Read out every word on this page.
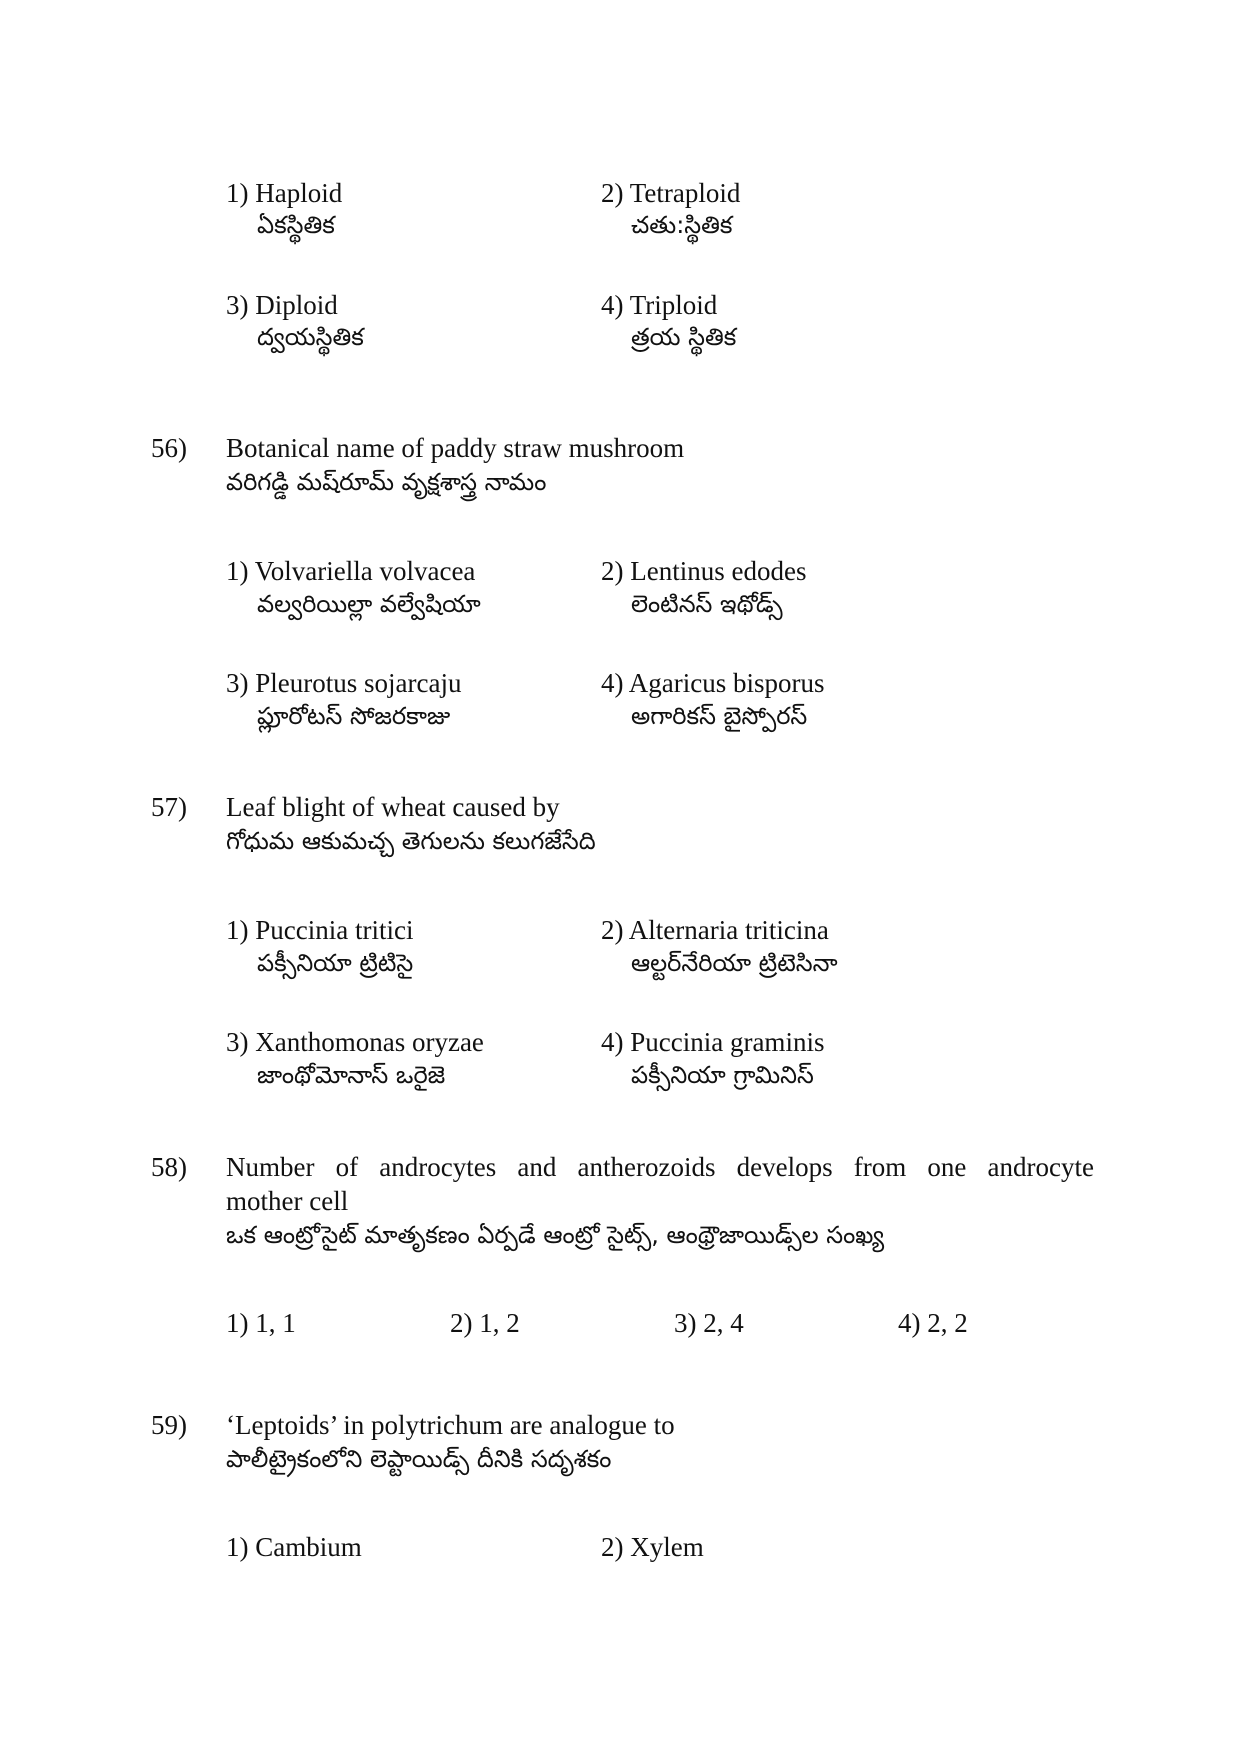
1) Haploid
ఏకస్థితిక
2) Tetraploid
చతు:స్థితిక
3) Diploid
ద్వయస్థితిక
4) Triploid
త్రయ స్థితిక
56) Botanical name of paddy straw mushroom
వరిగడ్డి మష్‌రూమ్ వృక్షశాస్త్ర నామం
1) Volvariella volvacea
వల్వరియిల్లా వల్వేషియా
2) Lentinus edodes
లెంటినస్ ఇథోడ్స్
3) Pleurotus sojarcaju
ప్లూరోటస్ సోజరకాజు
4) Agaricus bisporus
అగారికస్ బైస్పోరస్
57) Leaf blight of wheat caused by
గోధుమ ఆకుమచ్చ తెగులను కలుగజేసేది
1) Puccinia tritici
పక్సీనియా ట్రిటిసై
2) Alternaria triticina
ఆల్టర్‌నేరియా ట్రిటెసినా
3) Xanthomonas oryzae
జాంథోమోనాస్ ఒరైజె
4) Puccinia graminis
పక్సీనియా గ్రామినిస్
58) Number of androcytes and antherozoids develops from one androcyte
mother cell
ఒక ఆంట్రోసైట్ మాతృకణం ఏర్పడే ఆంట్రో సైట్స్, ఆంథ్రౌజాయిడ్స్‌ల సంఖ్య
1) 1, 1	2) 1, 2	3) 2, 4	4) 2, 2
59) ‘Leptoids’ in polytrichum are analogue to
పాలీట్రైకంలోని లెప్టాయిడ్స్ దీనికి సదృశకం
1) Cambium	2) Xylem
